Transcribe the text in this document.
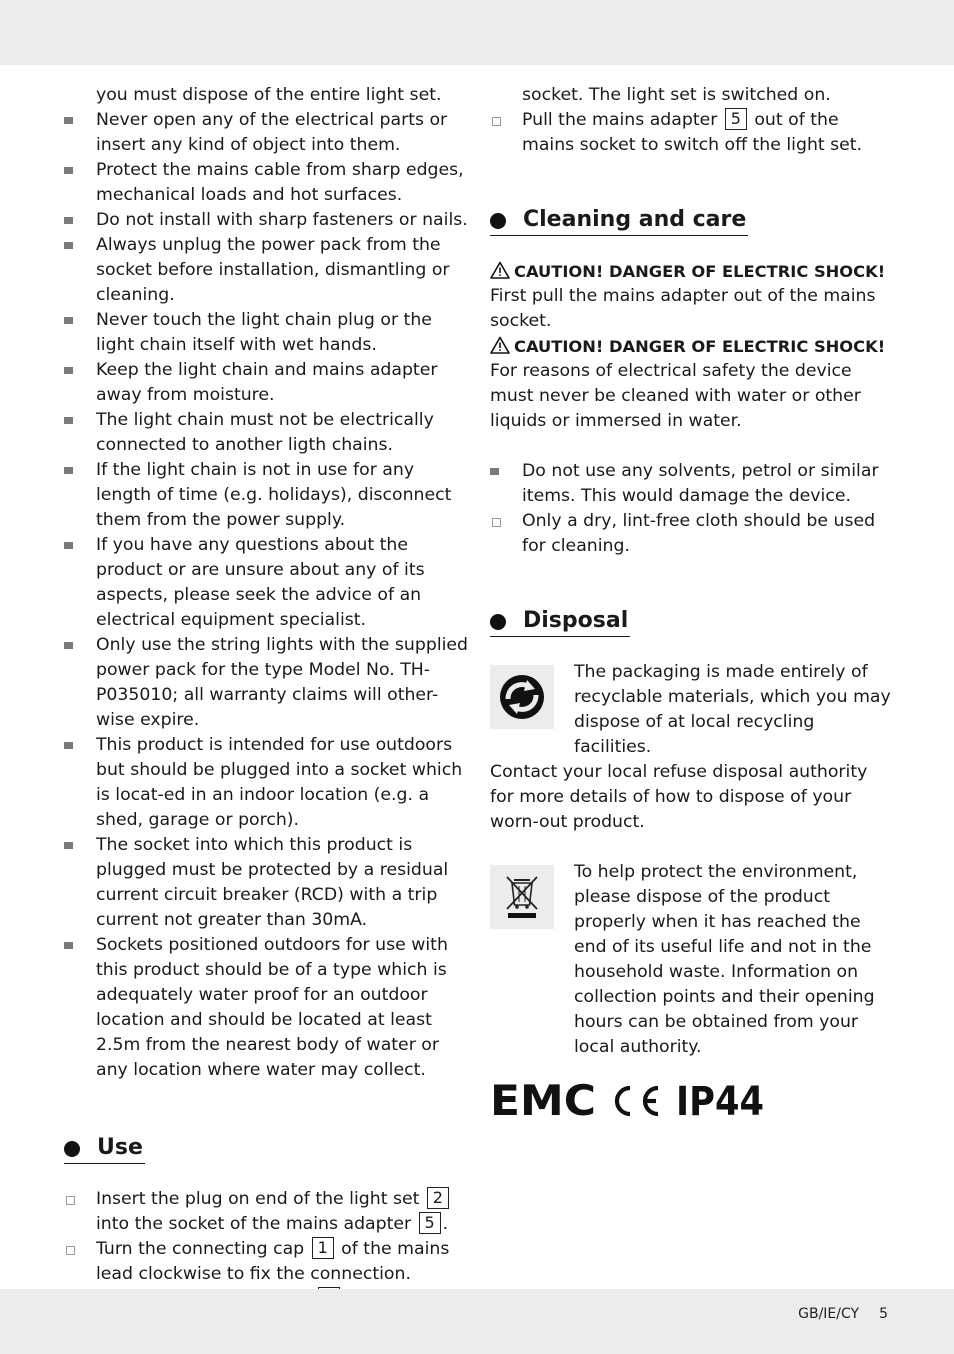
you must dispose of the entire light set.
Never open any of the electrical parts or insert any kind of object into them.
Protect the mains cable from sharp edges, mechanical loads and hot surfaces.
Do not install with sharp fasteners or nails.
Always unplug the power pack from the socket before installation, dismantling or cleaning.
Never touch the light chain plug or the light chain itself with wet hands.
Keep the light chain and mains adapter away from moisture.
The light chain must not be electrically connected to another ligth chains.
If the light chain is not in use for any length of time (e.g. holidays), disconnect them from the power supply.
If you have any questions about the product or are unsure about any of its aspects, please seek the advice of an electrical equipment specialist.
Only use the string lights with the supplied power pack for the type Model No. TH-P035010; all warranty claims will other-wise expire.
This product is intended for use outdoors but should be plugged into a socket which is locat-ed in an indoor location (e.g. a shed, garage or porch).
The socket into which this product is plugged must be protected by a residual current circuit breaker (RCD) with a trip current not greater than 30mA.
Sockets positioned outdoors for use with this product should be of a type which is adequately water proof for an outdoor location and should be located at least 2.5m from the nearest body of water or any location where water may collect.
Use
Insert the plug on end of the light set 2 into the socket of the mains adapter 5 .
Turn the connecting cap 1 of the mains lead clockwise to fix the connection.
socket. The light set is switched on.
Pull the mains adapter 5 out of the mains socket to switch off the light set.
Cleaning and care
CAUTION! DANGER OF ELECTRIC SHOCK!
First pull the mains adapter out of the mains socket.
CAUTION! DANGER OF ELECTRIC SHOCK!
For reasons of electrical safety the device must never be cleaned with water or other liquids or immersed in water.
Do not use any solvents, petrol or similar items. This would damage the device.
Only a dry, lint-free cloth should be used for cleaning.
Disposal
The packaging is made entirely of recyclable materials, which you may dispose of at local recycling facilities.
Contact your local refuse disposal authority for more details of how to dispose of your worn-out product.
To help protect the environment, please dispose of the product properly when it has reached the end of its useful life and not in the household waste. Information on collection points and their opening hours can be obtained from your local authority.
EMC IP44
GB/IE/CY 5
